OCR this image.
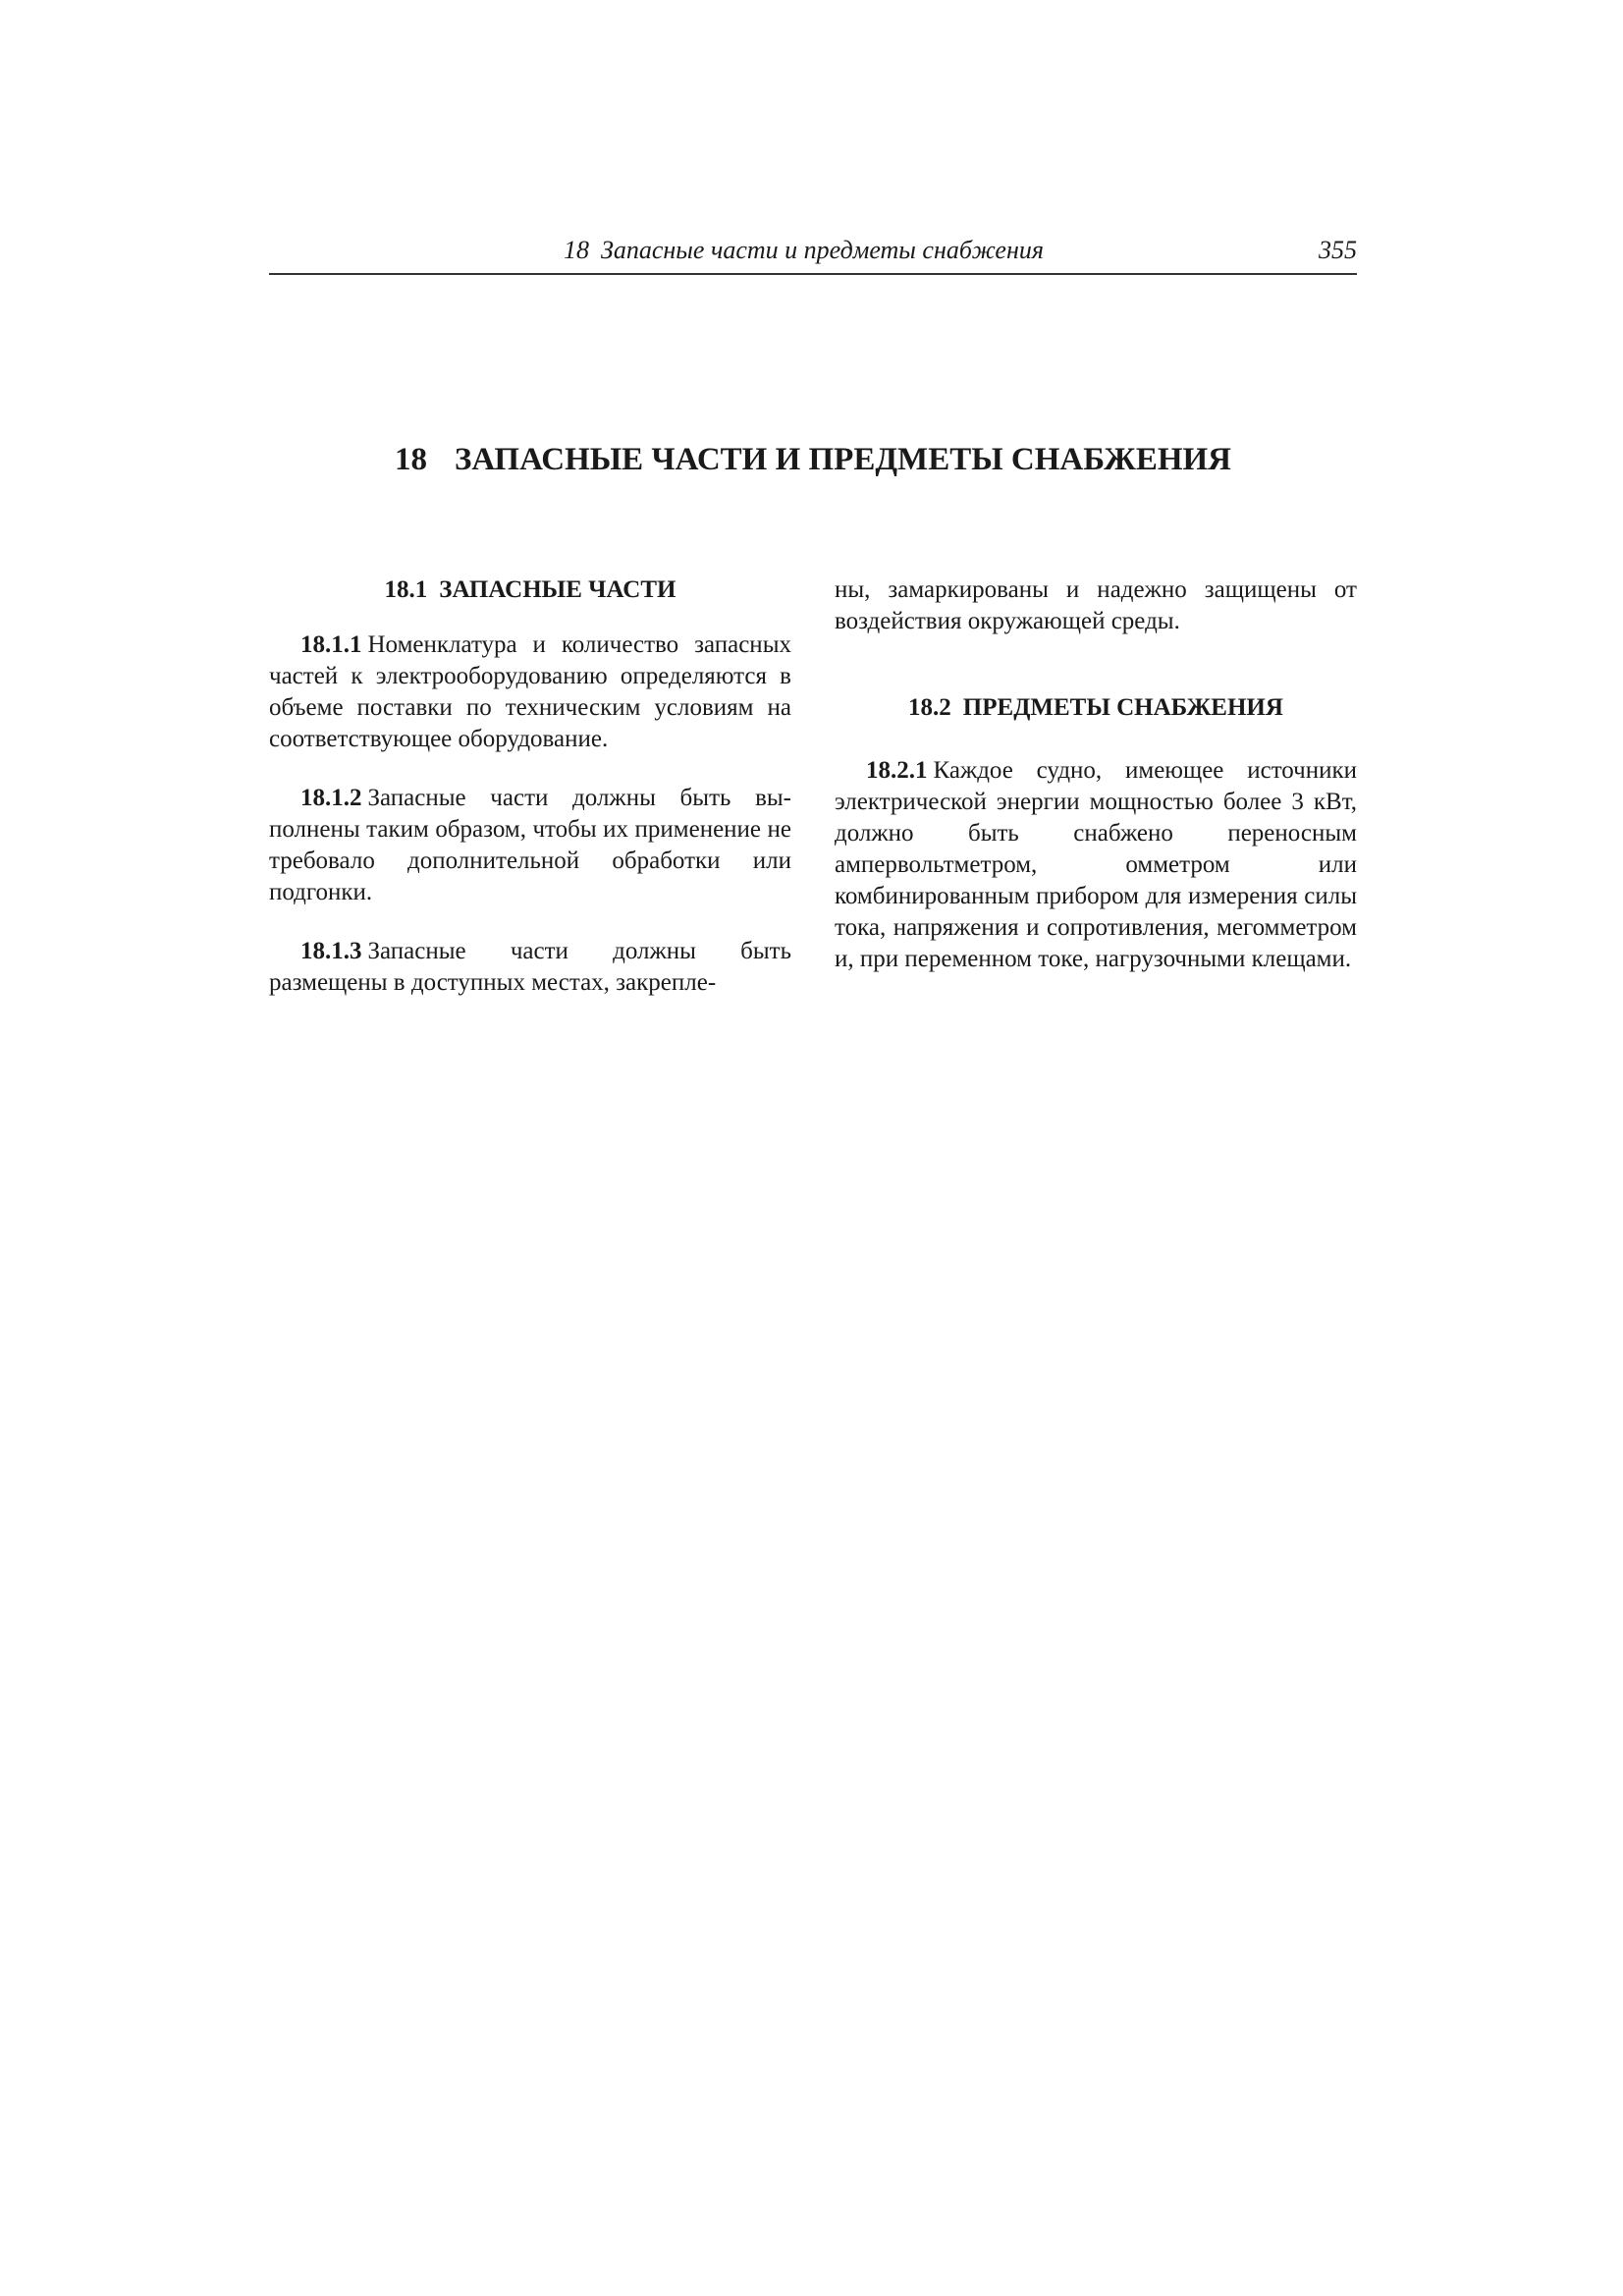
18 Запасные части и предметы снабжения	355
18 ЗАПАСНЫЕ ЧАСТИ И ПРЕДМЕТЫ СНАБЖЕНИЯ
18.1 ЗАПАСНЫЕ ЧАСТИ

18.1.1 Номенклатура и количество запасных частей к электрооборудованию определяются в объеме поставки по техническим условиям на соответствующее оборудование.

18.1.2 Запасные части должны быть выполнены таким образом, чтобы их применение не требовало дополнительной обработки или подгонки.

18.1.3 Запасные части должны быть размещены в доступных местах, закрепле-

ны, замаркированы и надежно защищены от воздействия окружающей среды.

18.2 ПРЕДМЕТЫ СНАБЖЕНИЯ

18.2.1 Каждое судно, имеющее источники электрической энергии мощностью более 3 кВт, должно быть снабжено переносным ампервольтметром, омметром или комбинированным прибором для измерения силы тока, напряжения и сопротивления, мегомметром и, при переменном токе, нагрузочными клещами.
